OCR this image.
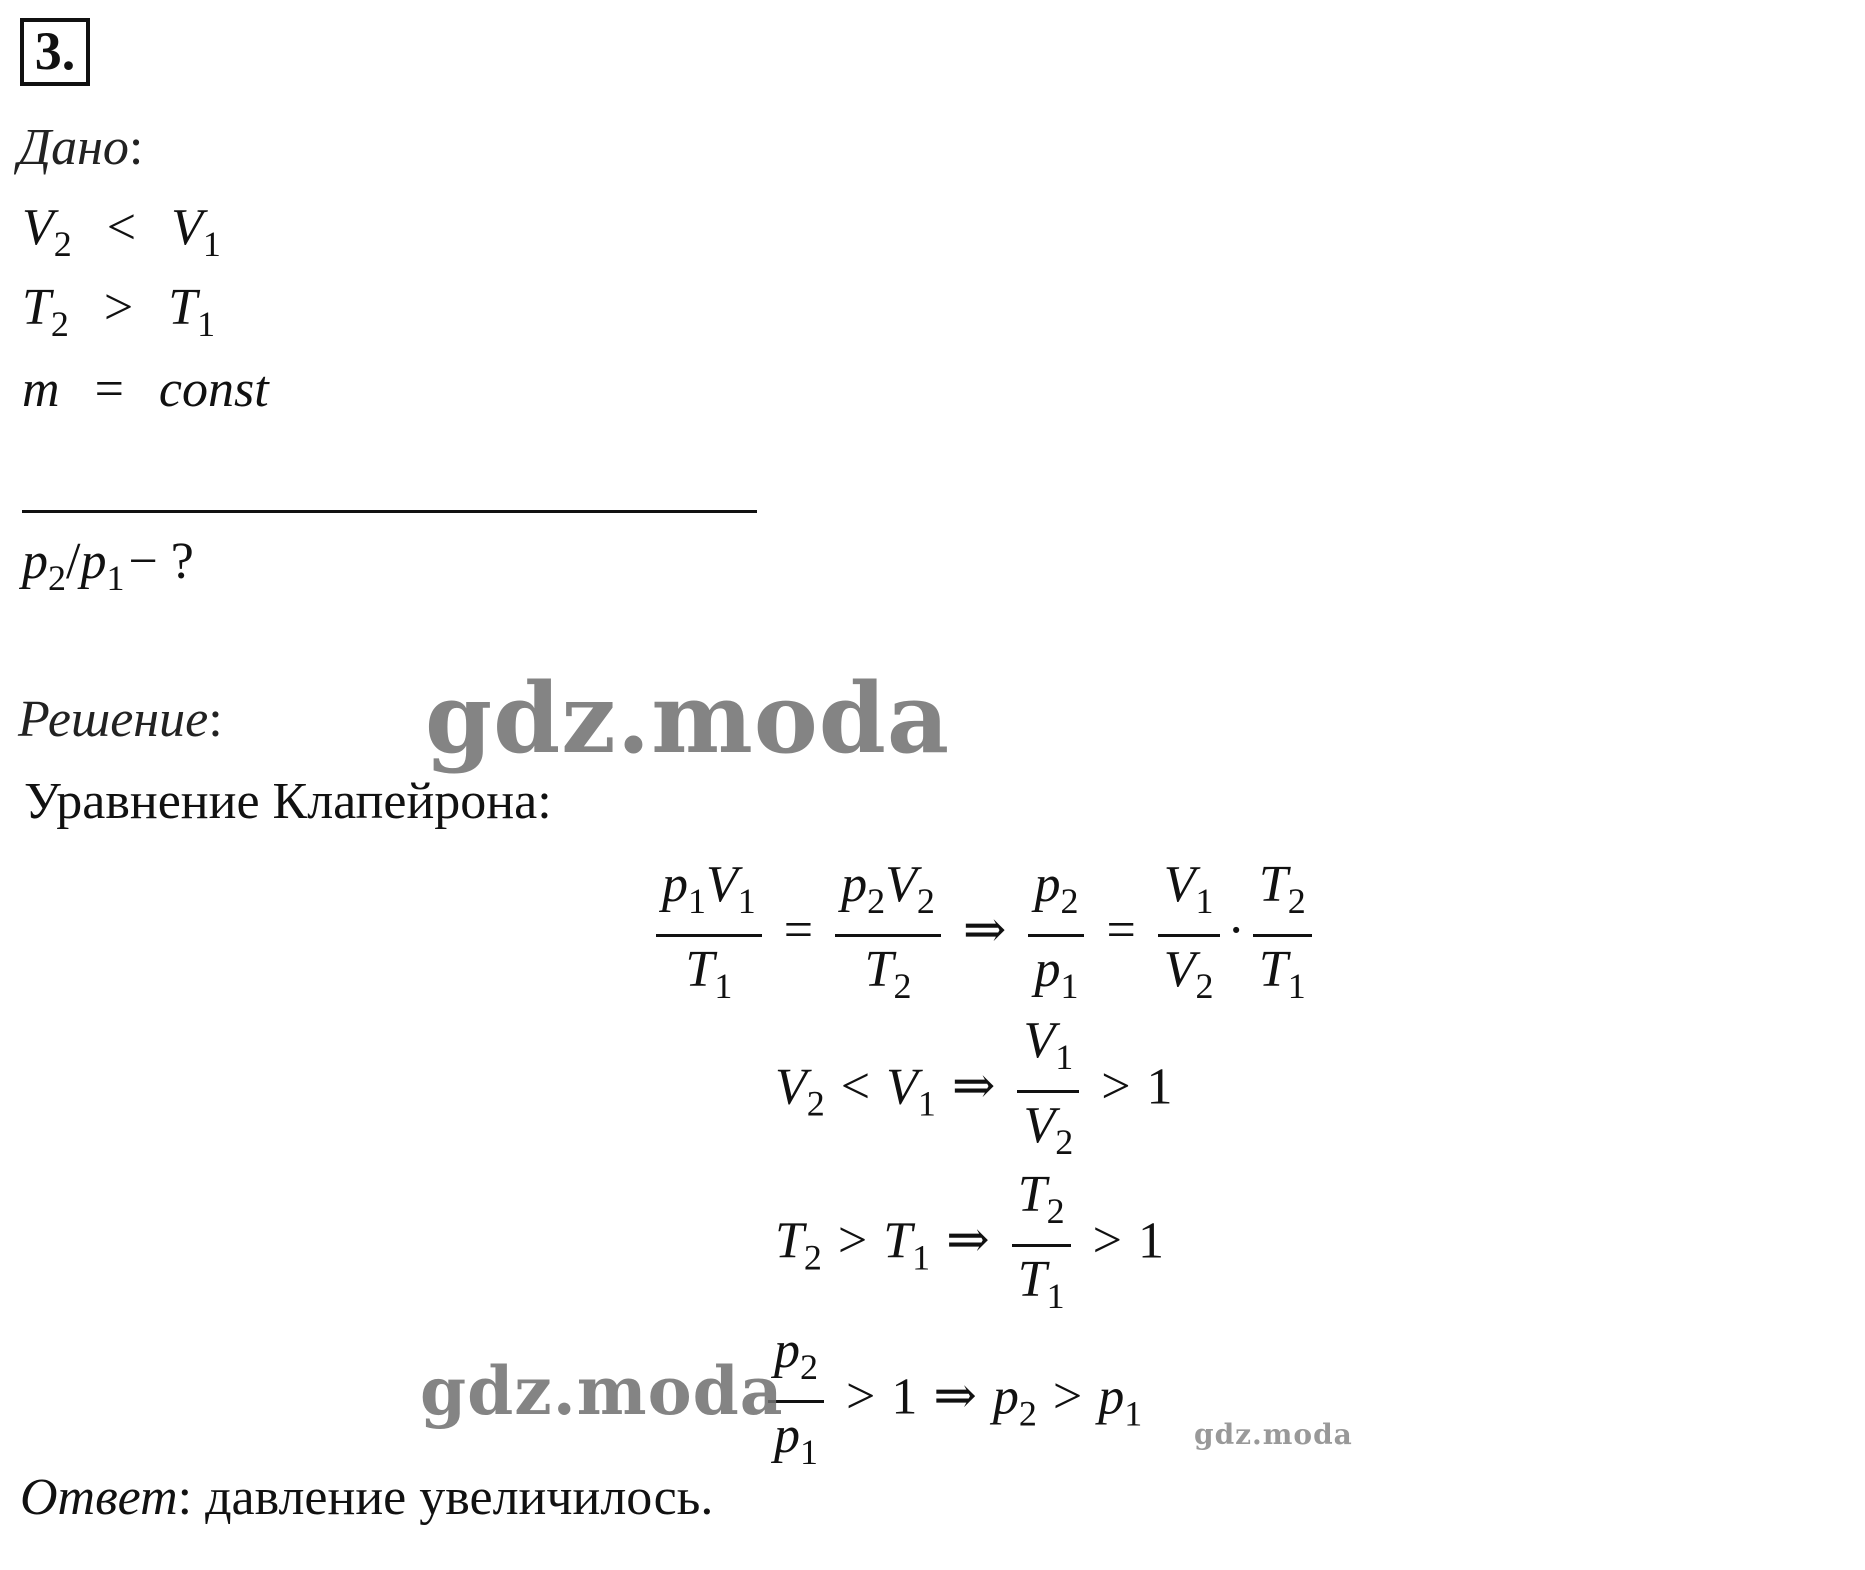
3.
Дано:
$V_2 < V_1$
$T_2 > T_1$
m = const
$p_2/p_1-$ ?
Решение:
Уравнение Клапейрона:
$\frac{p_1V_1}{T_1} = \frac{p_2V_2}{T_2}$ ⇒ $\frac{p_2}{p_1} = \frac{V_1}{V_2} \cdot \frac{T_2}{T_1}$
$V_2 < V_1$ ⇒ $\frac{V_1}{V_2} > 1$
$T_2 > T_1$ ⇒ $\frac{T_2}{T_1} > 1$
$\frac{p_2}{p_1} > 1$ ⇒ $p_2 > p_1$
Ответ: давление увеличилось.
gdz.moda
gdz.moda
gdz.moda
